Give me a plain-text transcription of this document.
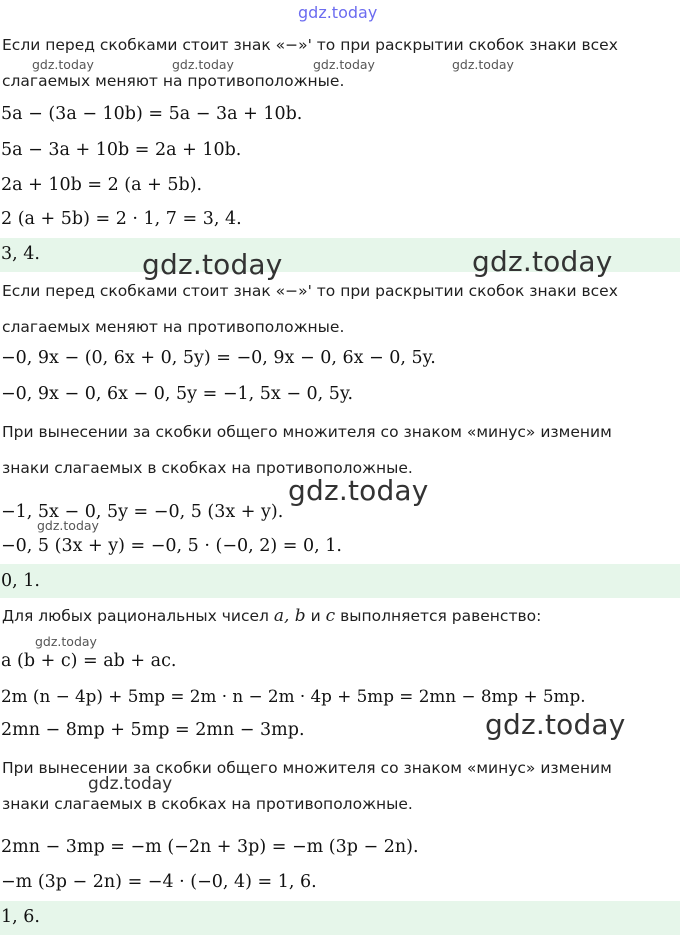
gdz.today
Если перед скобками стоит знак «−»' то при раскрытии скобок знаки всех
gdz.today	gdz.today	gdz.today	gdz.today
слагаемых меняют на противоположные.
5a − (3a − 10b) = 5a − 3a + 10b.
5a − 3a + 10b = 2a + 10b.
2a + 10b = 2 (a + 5b).
2 (a + 5b) = 2 · 1, 7 = 3, 4.
3, 4.	gdz.today	gdz.today
Если перед скобками стоит знак «−»' то при раскрытии скобок знаки всех
слагаемых меняют на противоположные.
−0, 9x − (0, 6x + 0, 5y) = −0, 9x − 0, 6x − 0, 5y.
−0, 9x − 0, 6x − 0, 5y = −1, 5x − 0, 5y.
При вынесении за скобки общего множителя со знаком «минус» изменим
знаки слагаемых в скобках на противоположные.
gdz.today
−1, 5x − 0, 5y = −0, 5 (3x + y).
gdz.today
−0, 5 (3x + y) = −0, 5 · (−0, 2) = 0, 1.
0, 1.
Для любых рациональных чисел a, b и c выполняется равенство:
gdz.today
a (b + c) = ab + ac.
2m (n − 4p) + 5mp = 2m · n − 2m · 4p + 5mp = 2mn − 8mp + 5mp.
2mn − 8mp + 5mp = 2mn − 3mp.	gdz.today
При вынесении за скобки общего множителя со знаком «минус» изменим
gdz.today
знаки слагаемых в скобках на противоположные.
2mn − 3mp = −m (−2n + 3p) = −m (3p − 2n).
−m (3p − 2n) = −4 · (−0, 4) = 1, 6.
1, 6.
